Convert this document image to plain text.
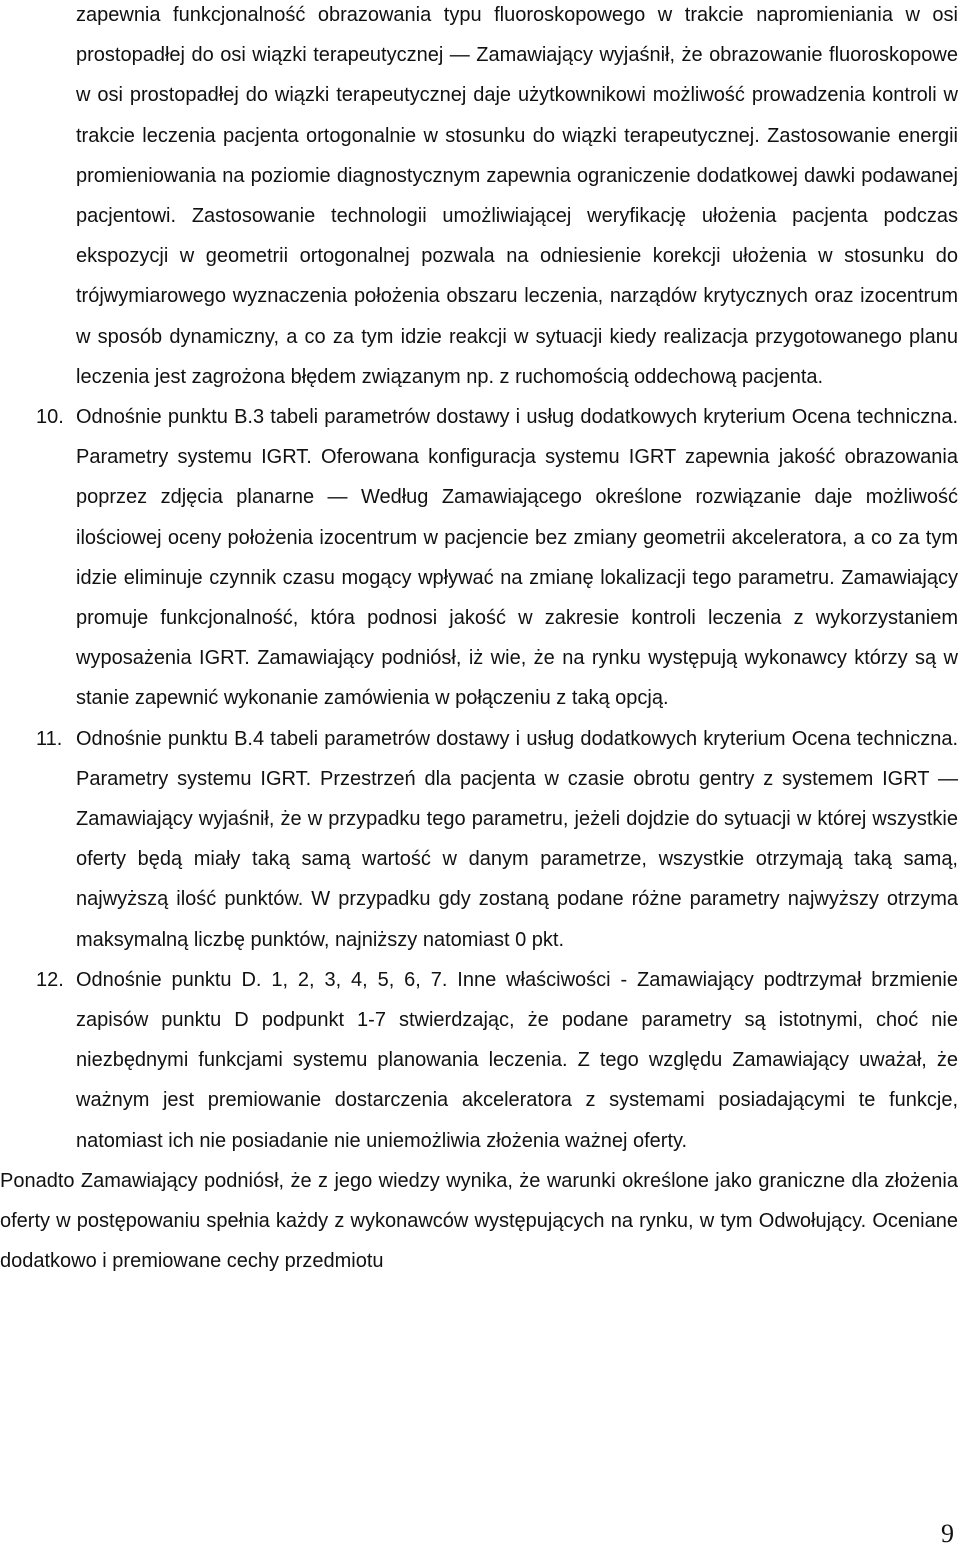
zapewnia funkcjonalność obrazowania typu fluoroskopowego w trakcie napromieniania w osi prostopadłej do osi wiązki terapeutycznej — Zamawiający wyjaśnił, że obrazowanie fluoroskopowe w osi prostopadłej do wiązki terapeutycznej daje użytkownikowi możliwość prowadzenia kontroli w trakcie leczenia pacjenta ortogonalnie w stosunku do wiązki terapeutycznej. Zastosowanie energii promieniowania na poziomie diagnostycznym zapewnia ograniczenie dodatkowej dawki podawanej pacjentowi. Zastosowanie technologii umożliwiającej weryfikację ułożenia pacjenta podczas ekspozycji w geometrii ortogonalnej pozwala na odniesienie korekcji ułożenia w stosunku do trójwymiarowego wyznaczenia położenia obszaru leczenia, narządów krytycznych oraz izocentrum w sposób dynamiczny, a co za tym idzie reakcji w sytuacji kiedy realizacja przygotowanego planu leczenia jest zagrożona błędem związanym np. z ruchomością oddechową pacjenta.

10. Odnośnie punktu B.3 tabeli parametrów dostawy i usług dodatkowych kryterium Ocena techniczna. Parametry systemu IGRT. Oferowana konfiguracja systemu IGRT zapewnia jakość obrazowania poprzez zdjęcia planarne — Według Zamawiającego określone rozwiązanie daje możliwość ilościowej oceny położenia izocentrum w pacjencie bez zmiany geometrii akceleratora, a co za tym idzie eliminuje czynnik czasu mogący wpływać na zmianę lokalizacji tego parametru. Zamawiający promuje funkcjonalność, która podnosi jakość w zakresie kontroli leczenia z wykorzystaniem wyposażenia IGRT. Zamawiający podniósł, iż wie, że na rynku występują wykonawcy którzy są w stanie zapewnić wykonanie zamówienia w połączeniu z taką opcją.
11. Odnośnie punktu B.4 tabeli parametrów dostawy i usług dodatkowych kryterium Ocena techniczna. Parametry systemu IGRT. Przestrzeń dla pacjenta w czasie obrotu gentry z systemem IGRT — Zamawiający wyjaśnił, że w przypadku tego parametru, jeżeli dojdzie do sytuacji w której wszystkie oferty będą miały taką samą wartość w danym parametrze, wszystkie otrzymają taką samą, najwyższą ilość punktów. W przypadku gdy zostaną podane różne parametry najwyższy otrzyma maksymalną liczbę punktów, najniższy natomiast 0 pkt.
12. Odnośnie punktu D. 1, 2, 3, 4, 5, 6, 7. Inne właściwości - Zamawiający podtrzymał brzmienie zapisów punktu D podpunkt 1-7 stwierdzając, że podane parametry są istotnymi, choć nie niezbędnymi funkcjami systemu planowania leczenia. Z tego względu Zamawiający uważał, że ważnym jest premiowanie dostarczenia akceleratora z systemami posiadającymi te funkcje, natomiast ich nie posiadanie nie uniemożliwia złożenia ważnej oferty.

Ponadto Zamawiający podniósł, że z jego wiedzy wynika, że warunki określone jako graniczne dla złożenia oferty w postępowaniu spełnia każdy z wykonawców występujących na rynku, w tym Odwołujący. Oceniane dodatkowo i premiowane cechy przedmiotu

9
